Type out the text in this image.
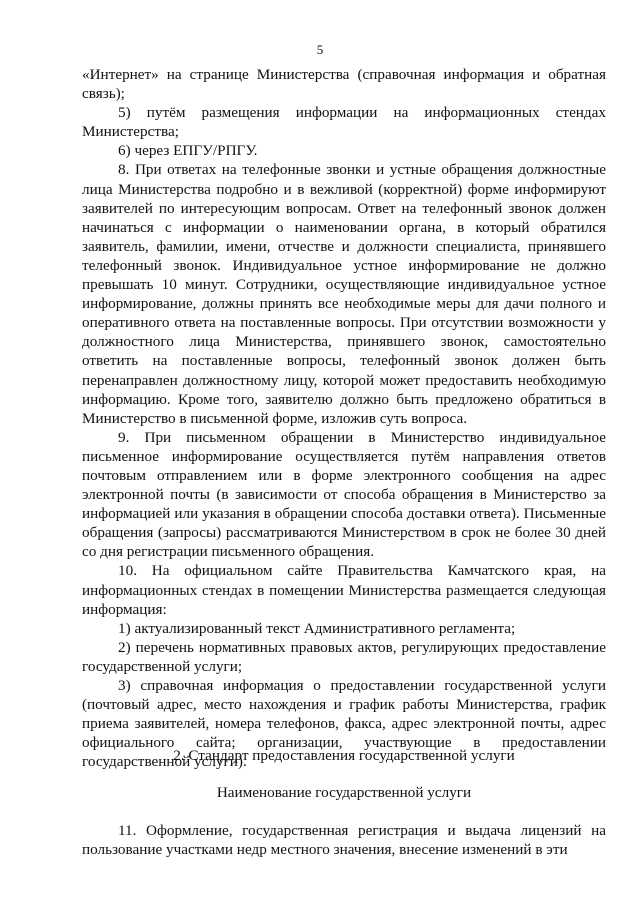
5

«Интернет» на странице Министерства (справочная информация и обратная связь);

5) путём размещения информации на информационных стендах Министерства;

6) через ЕПГУ/РПГУ.

8. При ответах на телефонные звонки и устные обращения должностные лица Министерства подробно и в вежливой (корректной) форме информируют заявителей по интересующим вопросам. Ответ на телефонный звонок должен начинаться с информации о наименовании органа, в который обратился заявитель, фамилии, имени, отчестве и должности специалиста, принявшего телефонный звонок. Индивидуальное устное информирование не должно превышать 10 минут. Сотрудники, осуществляющие индивидуальное устное информирование, должны принять все необходимые меры для дачи полного и оперативного ответа на поставленные вопросы. При отсутствии возможности у должностного лица Министерства, принявшего звонок, самостоятельно ответить на поставленные вопросы, телефонный звонок должен быть перенаправлен должностному лицу, которой может предоставить необходимую информацию. Кроме того, заявителю должно быть предложено обратиться в Министерство в письменной форме, изложив суть вопроса.

9. При письменном обращении в Министерство индивидуальное письменное информирование осуществляется путём направления ответов почтовым отправлением или в форме электронного сообщения на адрес электронной почты (в зависимости от способа обращения в Министерство за информацией или указания в обращении способа доставки ответа). Письменные обращения (запросы) рассматриваются Министерством в срок не более 30 дней со дня регистрации письменного обращения.

10. На официальном сайте Правительства Камчатского края, на информационных стендах в помещении Министерства размещается следующая информация:

1) актуализированный текст Административного регламента;

2) перечень нормативных правовых актов, регулирующих предоставление государственной услуги;

3) справочная информация о предоставлении государственной услуги (почтовый адрес, место нахождения и график работы Министерства, график приема заявителей, номера телефонов, факса, адрес электронной почты, адрес официального сайта; организации, участвующие в предоставлении государственной услуги).

2. Стандарт предоставления государственной услуги

Наименование государственной услуги

11. Оформление, государственная регистрация и выдача лицензий на пользование участками недр местного значения, внесение изменений в эти
